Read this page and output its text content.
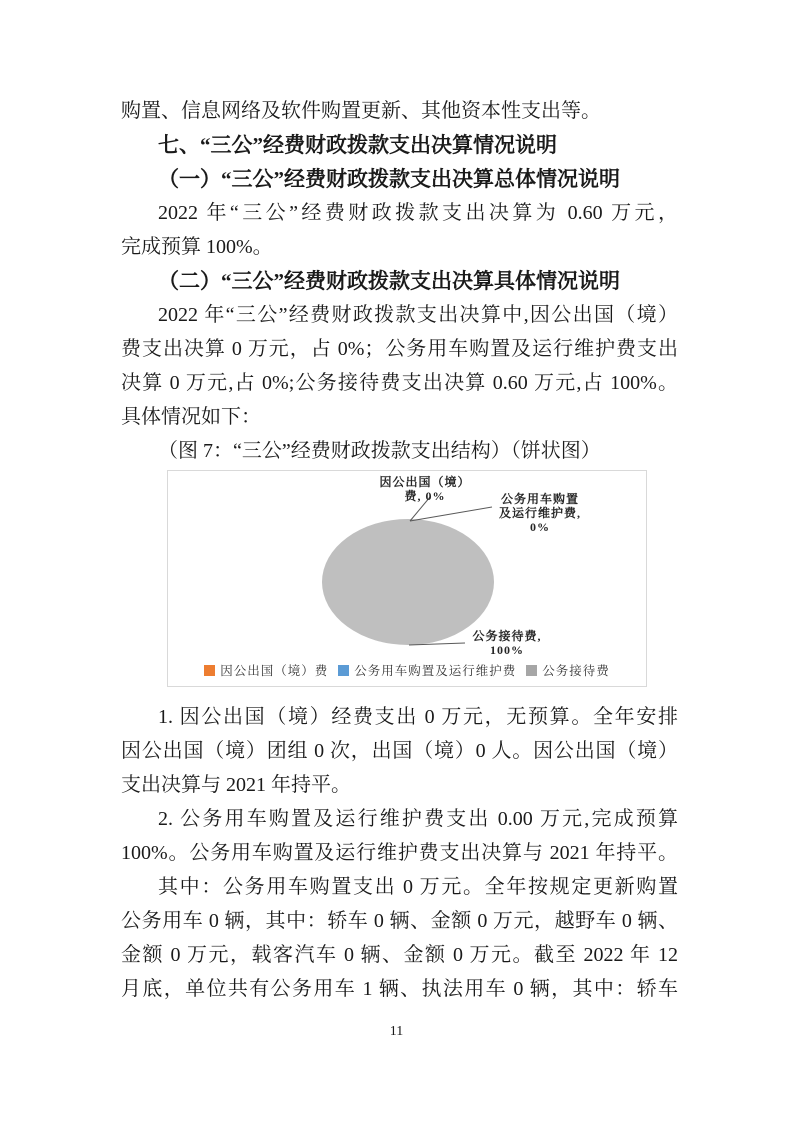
购置、信息网络及软件购置更新、其他资本性支出等。
七、“三公”经费财政拨款支出决算情况说明
（一）“三公”经费财政拨款支出决算总体情况说明
2022 年“三公”经费财政拨款支出决算为 0.60 万元，
完成预算 100%。
（二）“三公”经费财政拨款支出决算具体情况说明
2022 年“三公”经费财政拨款支出决算中,因公出国（境）
费支出决算 0 万元，占 0%；公务用车购置及运行维护费支出
决算 0 万元,占 0%;公务接待费支出决算 0.60 万元,占 100%。
具体情况如下：
（图 7：“三公”经费财政拨款支出结构）（饼状图）
因公出国（境）
费, 0%	公务用车购置
及运行维护费,
0%
公务接待费,
100%
因公出国（境）费 公务用车购置及运行维护费 公务接待费
1. 因公出国（境）经费支出 0 万元，无预算。全年安排
因公出国（境）团组 0 次，出国（境）0 人。因公出国（境）
支出决算与 2021 年持平。
2. 公务用车购置及运行维护费支出 0.00 万元,完成预算
100%。公务用车购置及运行维护费支出决算与 2021 年持平。
其中：公务用车购置支出 0 万元。全年按规定更新购置
公务用车 0 辆，其中：轿车 0 辆、金额 0 万元，越野车 0 辆、
金额 0 万元，载客汽车 0 辆、金额 0 万元。截至 2022 年 12
月底，单位共有公务用车 1 辆、执法用车 0 辆，其中：轿车
11
